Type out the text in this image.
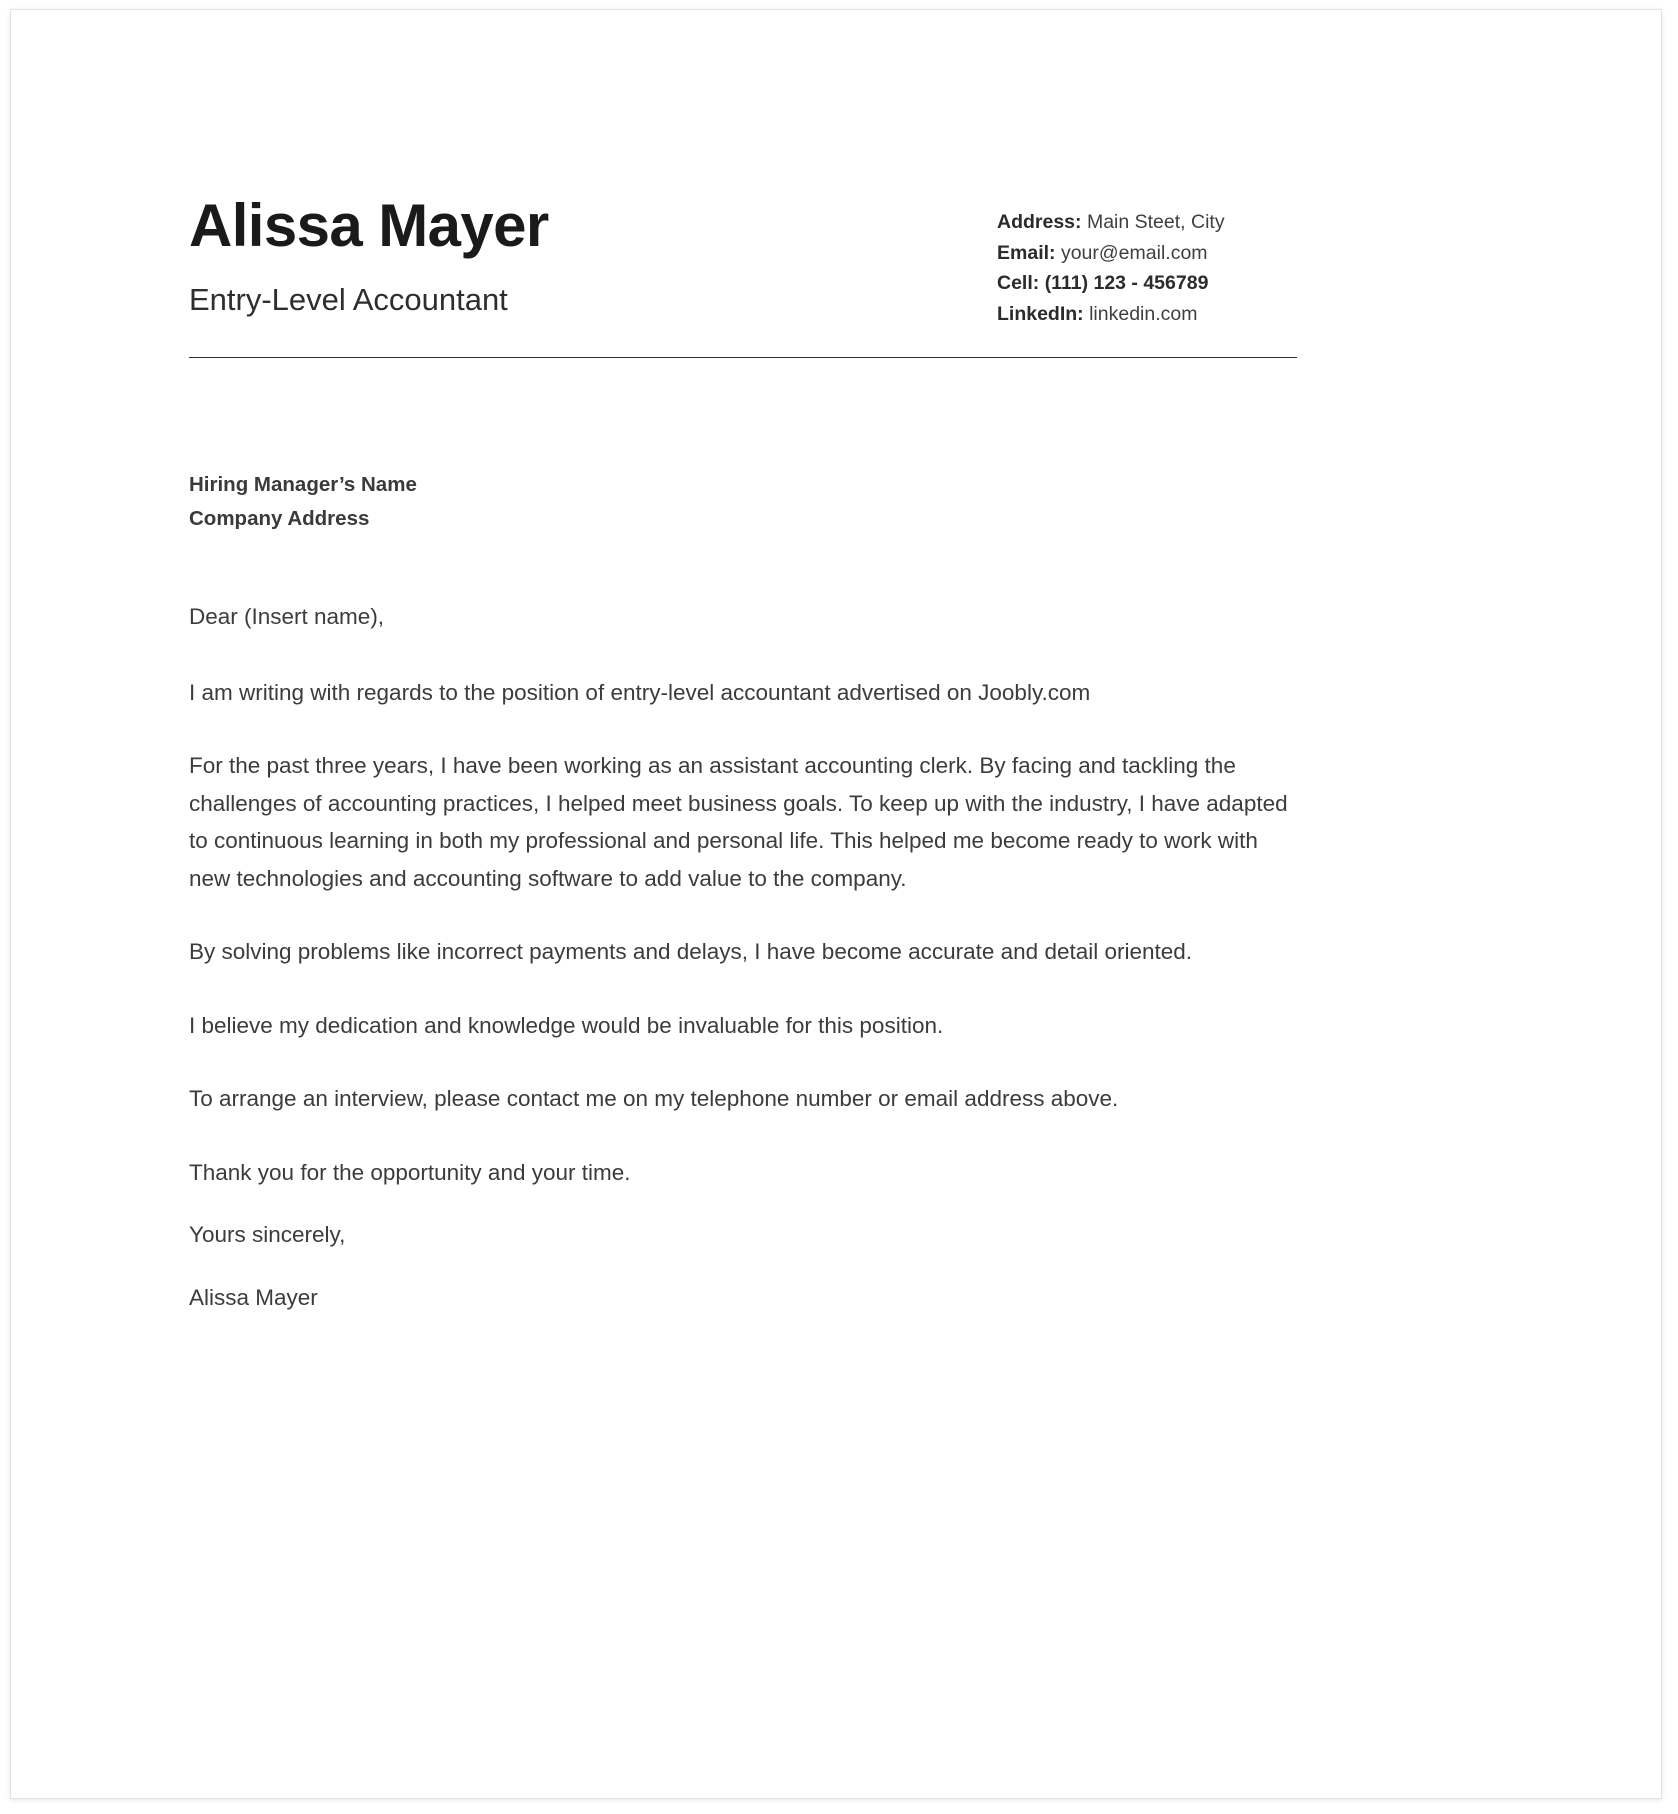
Alissa Mayer
Entry-Level Accountant
Address: Main Steet, City
Email: your@email.com
Cell: (111) 123 - 456789
LinkedIn: linkedin.com
Hiring Manager’s Name
Company Address

Dear (Insert name),

I am writing with regards to the position of entry-level accountant advertised on Joobly.com

For the past three years, I have been working as an assistant accounting clerk. By facing and tackling the challenges of accounting practices, I helped meet business goals. To keep up with the industry, I have adapted to continuous learning in both my professional and personal life. This helped me become ready to work with new technologies and accounting software to add value to the company.

By solving problems like incorrect payments and delays, I have become accurate and detail oriented.

I believe my dedication and knowledge would be invaluable for this position.

To arrange an interview, please contact me on my telephone number or email address above.

Thank you for the opportunity and your time.

Yours sincerely,

Alissa Mayer
